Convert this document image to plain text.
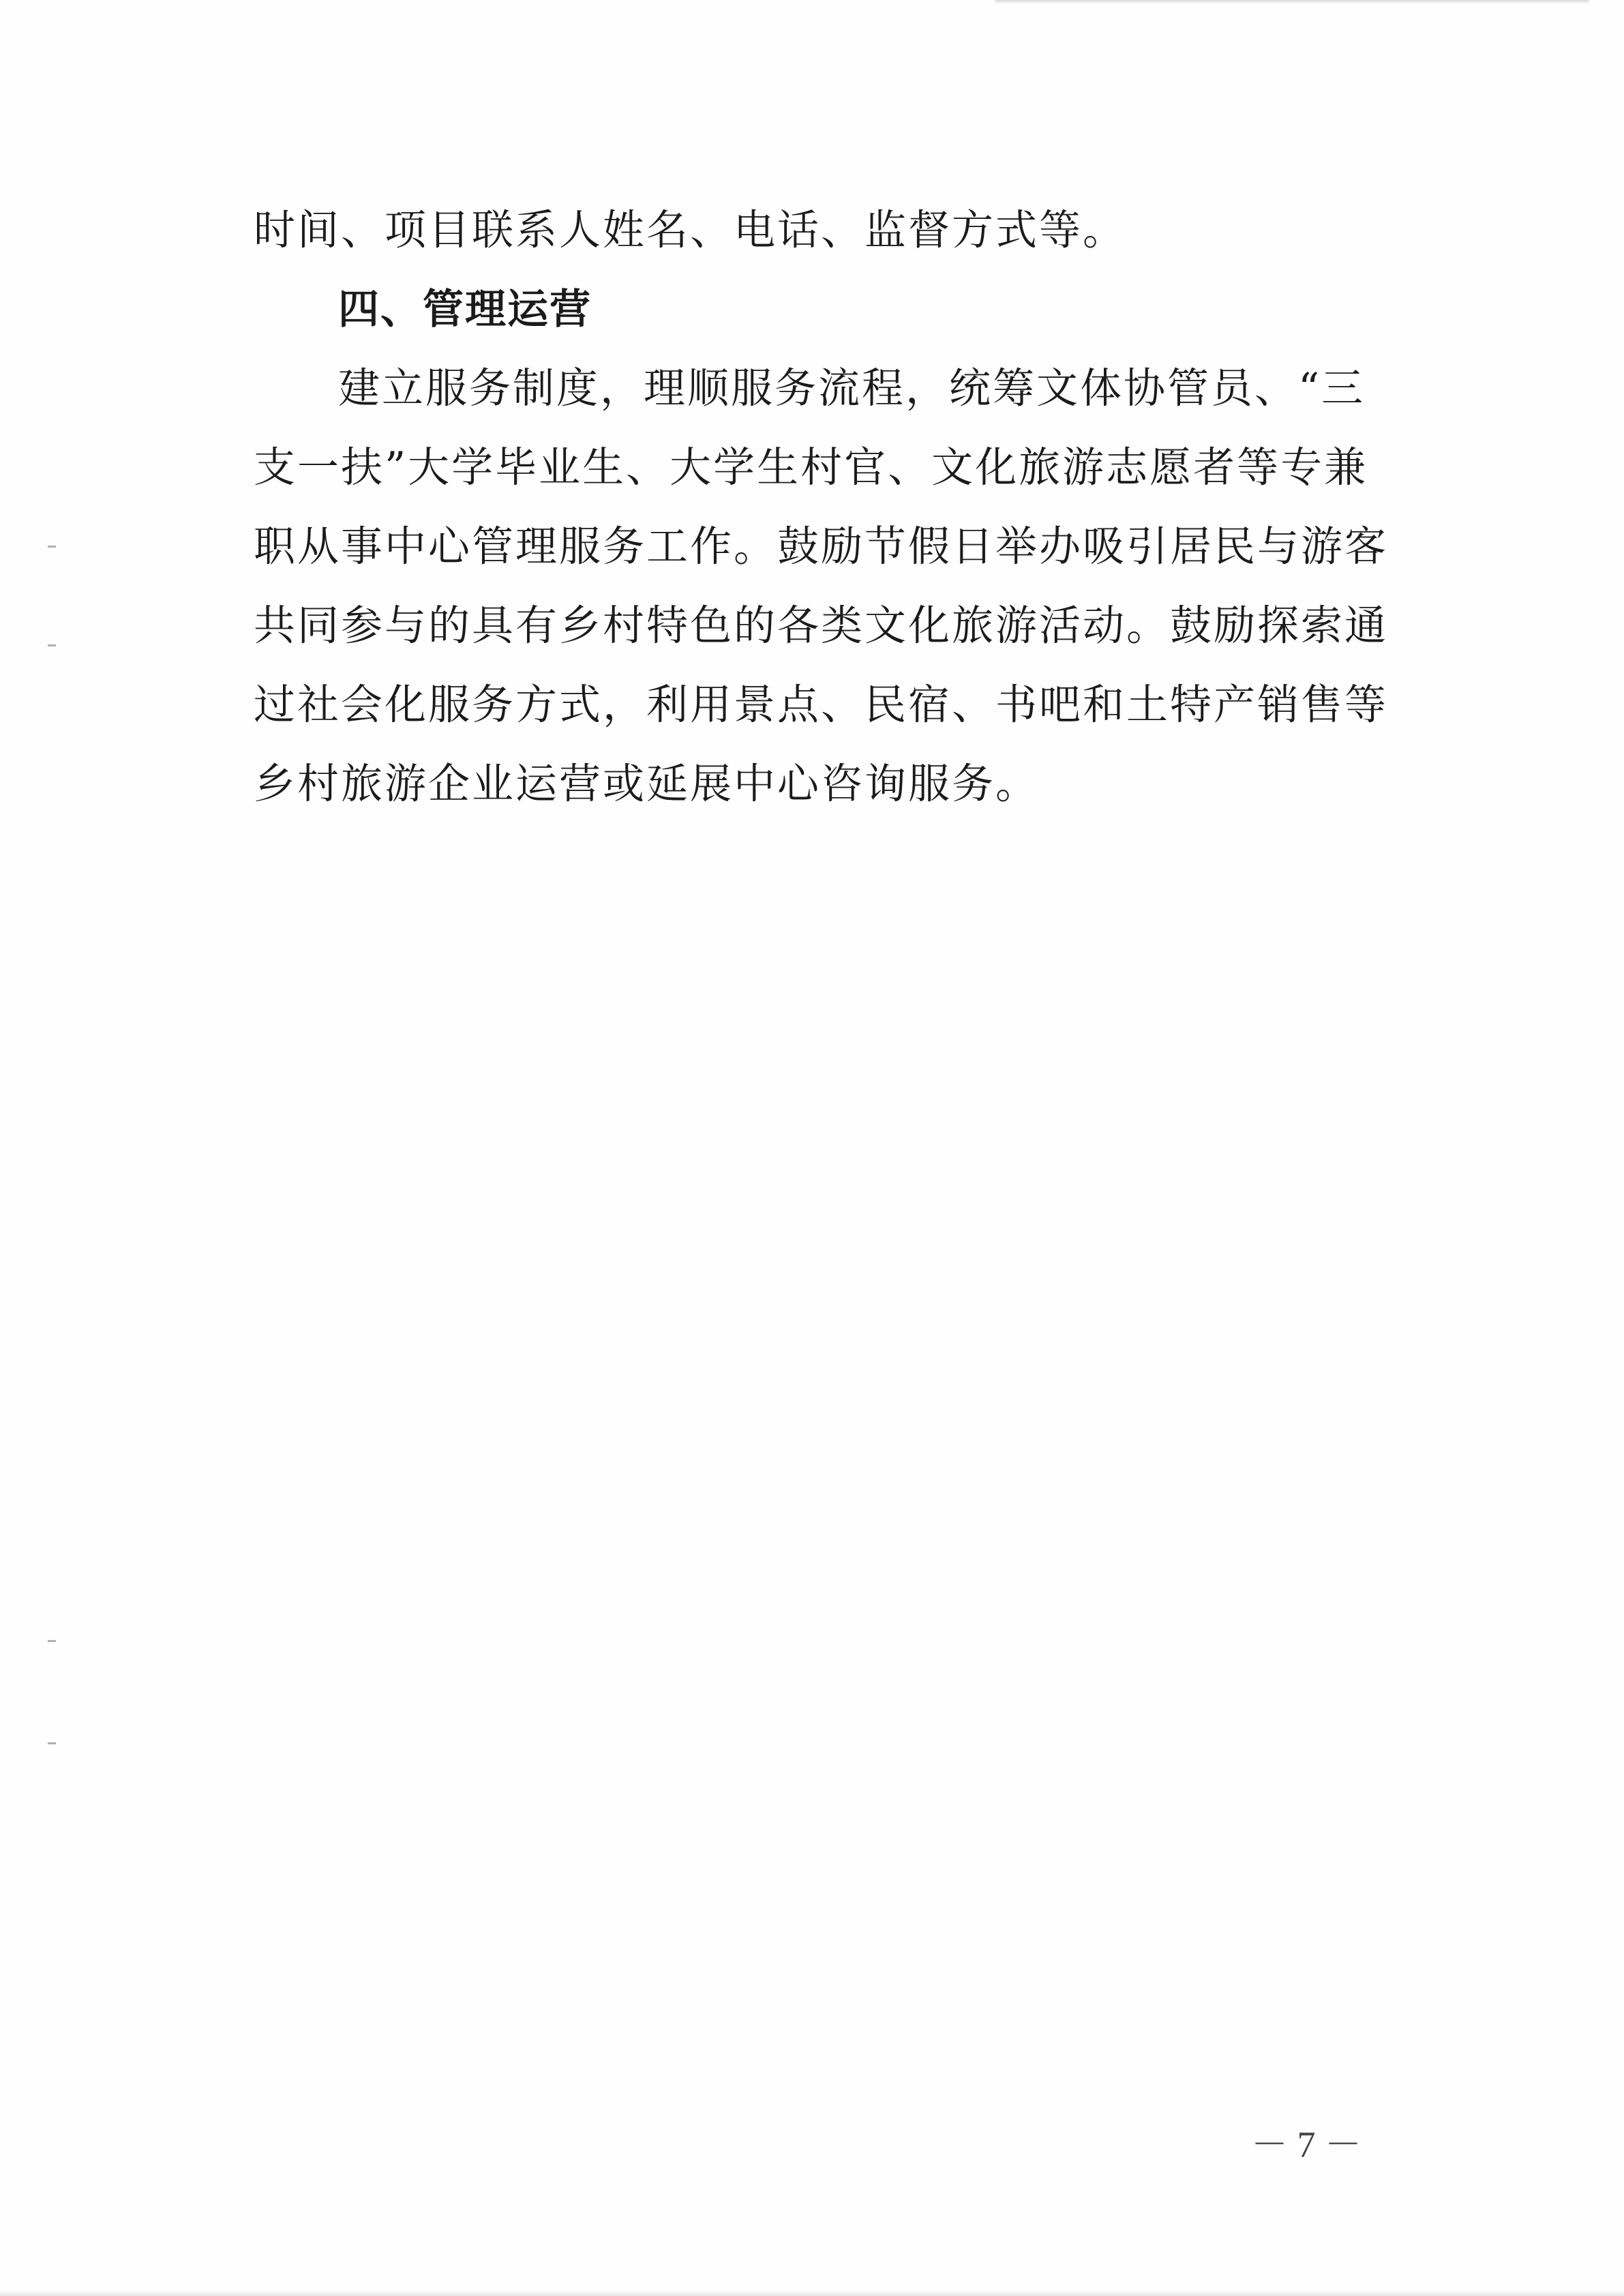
时间、项目联系人姓名、电话、监督方式等。
四、管理运营
建立服务制度，理顺服务流程，统筹文体协管员、“三
支一扶”大学毕业生、大学生村官、文化旅游志愿者等专兼
职从事中心管理服务工作。鼓励节假日举办吸引居民与游客
共同参与的具有乡村特色的各类文化旅游活动。鼓励探索通
过社会化服务方式，利用景点、民宿、书吧和土特产销售等
乡村旅游企业运营或延展中心咨询服务。
－ 7 －
